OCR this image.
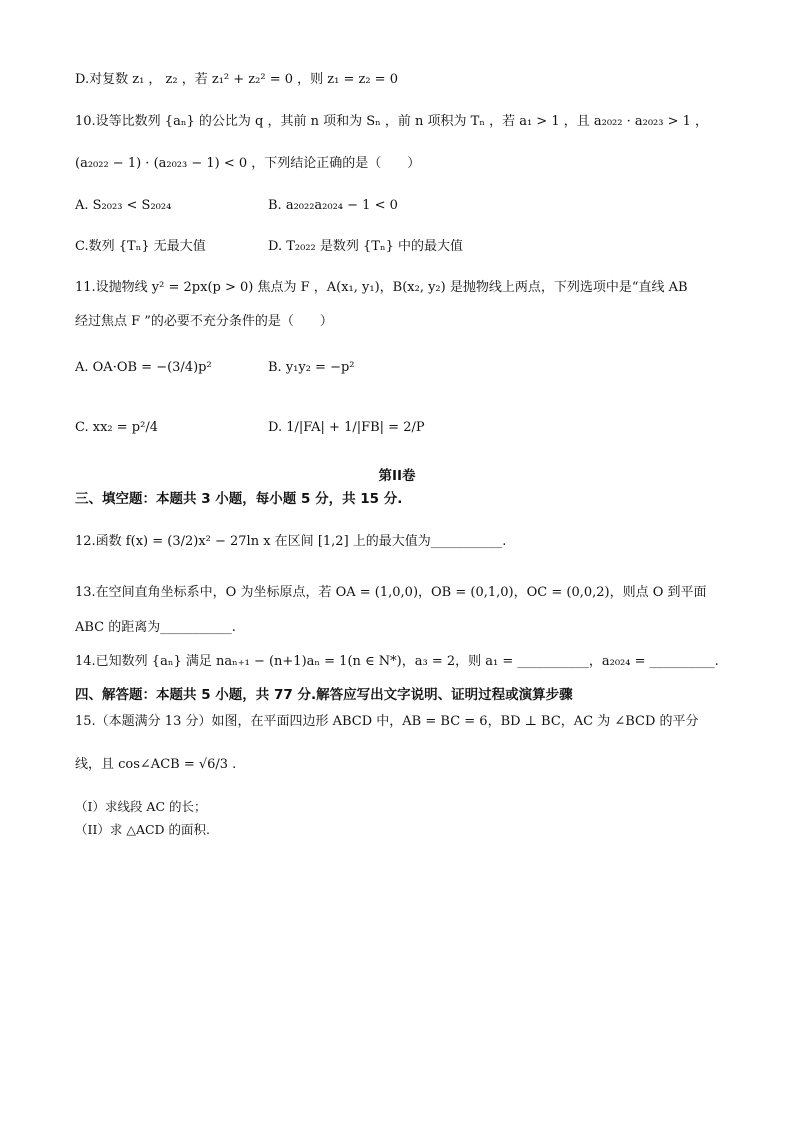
D.对复数 z₁ ， z₂ ，若 z₁² + z₂² = 0 ，则 z₁ = z₂ = 0
10.设等比数列 {aₙ} 的公比为 q ，其前 n 项和为 Sₙ ，前 n 项积为 Tₙ ，若 a₁ > 1 ，且 a₂₀₂₂ · a₂₀₂₃ > 1 ，
(a₂₀₂₂ − 1) · (a₂₀₂₃ − 1) < 0 ，下列结论正确的是（　　）
A. S₂₀₂₃ < S₂₀₂₄	B. a₂₀₂₂a₂₀₂₄ − 1 < 0
C.数列 {Tₙ} 无最大值	D. T₂₀₂₂ 是数列 {Tₙ} 中的最大值
11.设抛物线 y² = 2px(p > 0) 焦点为 F ，A(x₁, y₁)，B(x₂, y₂) 是抛物线上两点，下列选项中是“直线 AB
经过焦点 F ”的必要不充分条件的是（　　）
A. OA·OB = −(3/4)p²	B. y₁y₂ = −p²
C. xx₂ = p²/4	D. 1/|FA| + 1/|FB| = 2/P
第II卷
三、填空题：本题共 3 小题，每小题 5 分，共 15 分.
12.函数 f(x) = (3/2)x² − 27ln x 在区间 [1,2] 上的最大值为___________.
13.在空间直角坐标系中，O 为坐标原点，若 OA = (1,0,0)，OB = (0,1,0)，OC = (0,0,2)，则点 O 到平面
ABC 的距离为___________.
14.已知数列 {aₙ} 满足 naₙ₊₁ − (n+1)aₙ = 1(n ∈ N*)，a₃ = 2，则 a₁ = ___________，a₂₀₂₄ = __________.
四、解答题：本题共 5 小题，共 77 分.解答应写出文字说明、证明过程或演算步骤
15.（本题满分 13 分）如图，在平面四边形 ABCD 中，AB = BC = 6，BD ⊥ BC，AC 为 ∠BCD 的平分
线，且 cos∠ACB = √6/3 .
（I）求线段 AC 的长；
（II）求 △ACD 的面积.
